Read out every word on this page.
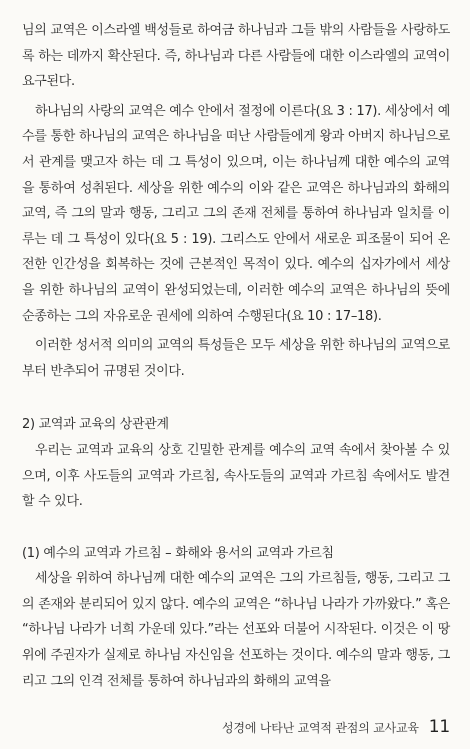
님의 교역은 이스라엘 백성들로 하여금 하나님과 그들 밖의 사람들을 사랑하도록 하는 데까지 확산된다. 즉, 하나님과 다른 사람들에 대한 이스라엘의 교역이 요구된다.

하나님의 사랑의 교역은 예수 안에서 절정에 이른다(요 3 : 17). 세상에서 예수를 통한 하나님의 교역은 하나님을 떠난 사람들에게 왕과 아버지 하나님으로서 관계를 맺고자 하는 데 그 특성이 있으며, 이는 하나님께 대한 예수의 교역을 통하여 성취된다. 세상을 위한 예수의 이와 같은 교역은 하나님과의 화해의 교역, 즉 그의 말과 행동, 그리고 그의 존재 전체를 통하여 하나님과 일치를 이루는 데 그 특성이 있다(요 5 : 19). 그리스도 안에서 새로운 피조물이 되어 온전한 인간성을 회복하는 것에 근본적인 목적이 있다. 예수의 십자가에서 세상을 위한 하나님의 교역이 완성되었는데, 이러한 예수의 교역은 하나님의 뜻에 순종하는 그의 자유로운 권세에 의하여 수행된다(요 10 : 17–18).

이러한 성서적 의미의 교역의 특성들은 모두 세상을 위한 하나님의 교역으로부터 반추되어 규명된 것이다.

2) 교역과 교육의 상관관계

우리는 교역과 교육의 상호 긴밀한 관계를 예수의 교역 속에서 찾아볼 수 있으며, 이후 사도들의 교역과 가르침, 속사도들의 교역과 가르침 속에서도 발견할 수 있다.

(1) 예수의 교역과 가르침 – 화해와 용서의 교역과 가르침

세상을 위하여 하나님께 대한 예수의 교역은 그의 가르침들, 행동, 그리고 그의 존재와 분리되어 있지 않다. 예수의 교역은 “하나님 나라가 가까왔다.” 혹은 “하나님 나라가 너희 가운데 있다.”라는 선포와 더불어 시작된다. 이것은 이 땅 위에 주권자가 실제로 하나님 자신임을 선포하는 것이다. 예수의 말과 행동, 그리고 그의 인격 전체를 통하여 하나님과의 화해의 교역을

성경에 나타난 교역적 관점의 교사교육 11
